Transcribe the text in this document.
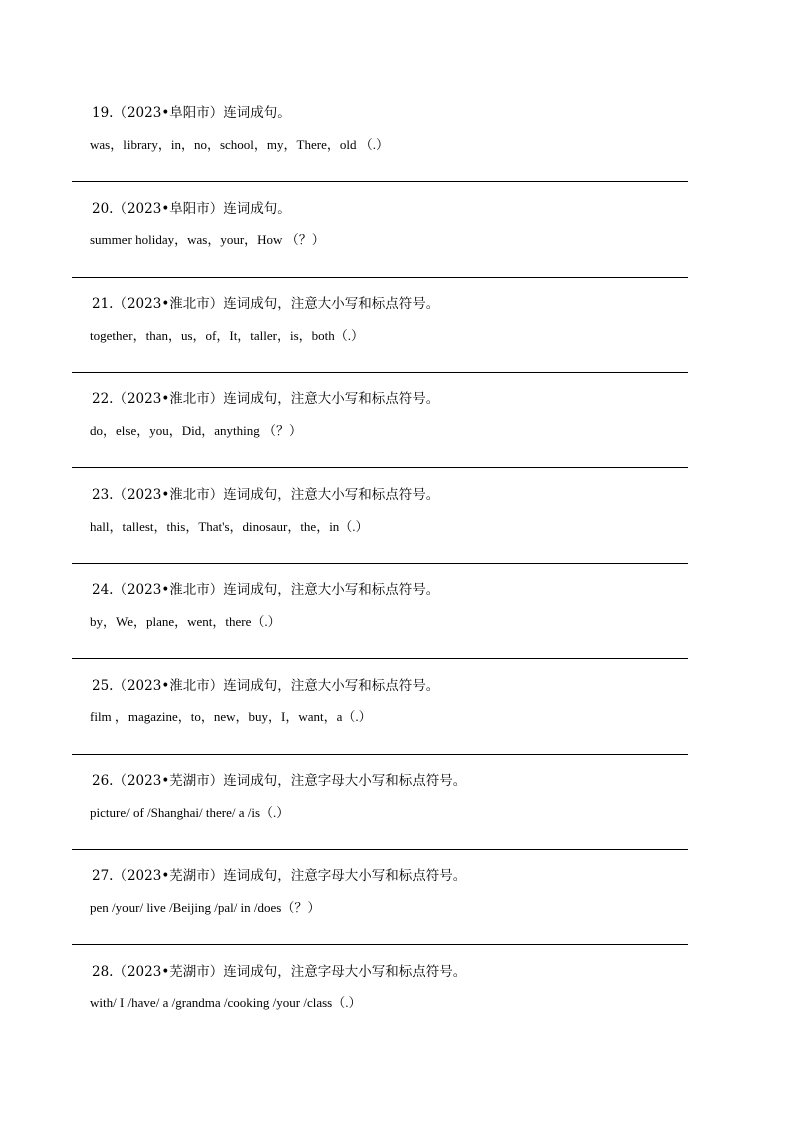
19.（2023•阜阳市）连词成句。
was，library，in，no，school，my，There，old （.）
20.（2023•阜阳市）连词成句。
summer holiday，was，your，How （？）
21.（2023•淮北市）连词成句，注意大小写和标点符号。
together，than，us，of，It，taller，is，both（.）
22.（2023•淮北市）连词成句，注意大小写和标点符号。
do，else，you，Did，anything （？）
23.（2023•淮北市）连词成句，注意大小写和标点符号。
hall，tallest，this，That's，dinosaur，the，in（.）
24.（2023•淮北市）连词成句，注意大小写和标点符号。
by，We，plane，went，there（.）
25.（2023•淮北市）连词成句，注意大小写和标点符号。
film ，magazine，to，new，buy，I，want，a（.）
26.（2023•芜湖市）连词成句，注意字母大小写和标点符号。
picture/ of /Shanghai/ there/ a /is（.）
27.（2023•芜湖市）连词成句，注意字母大小写和标点符号。
pen /your/ live /Beijing /pal/ in /does（？）
28.（2023•芜湖市）连词成句，注意字母大小写和标点符号。
with/ I /have/ a /grandma /cooking /your /class（.）
